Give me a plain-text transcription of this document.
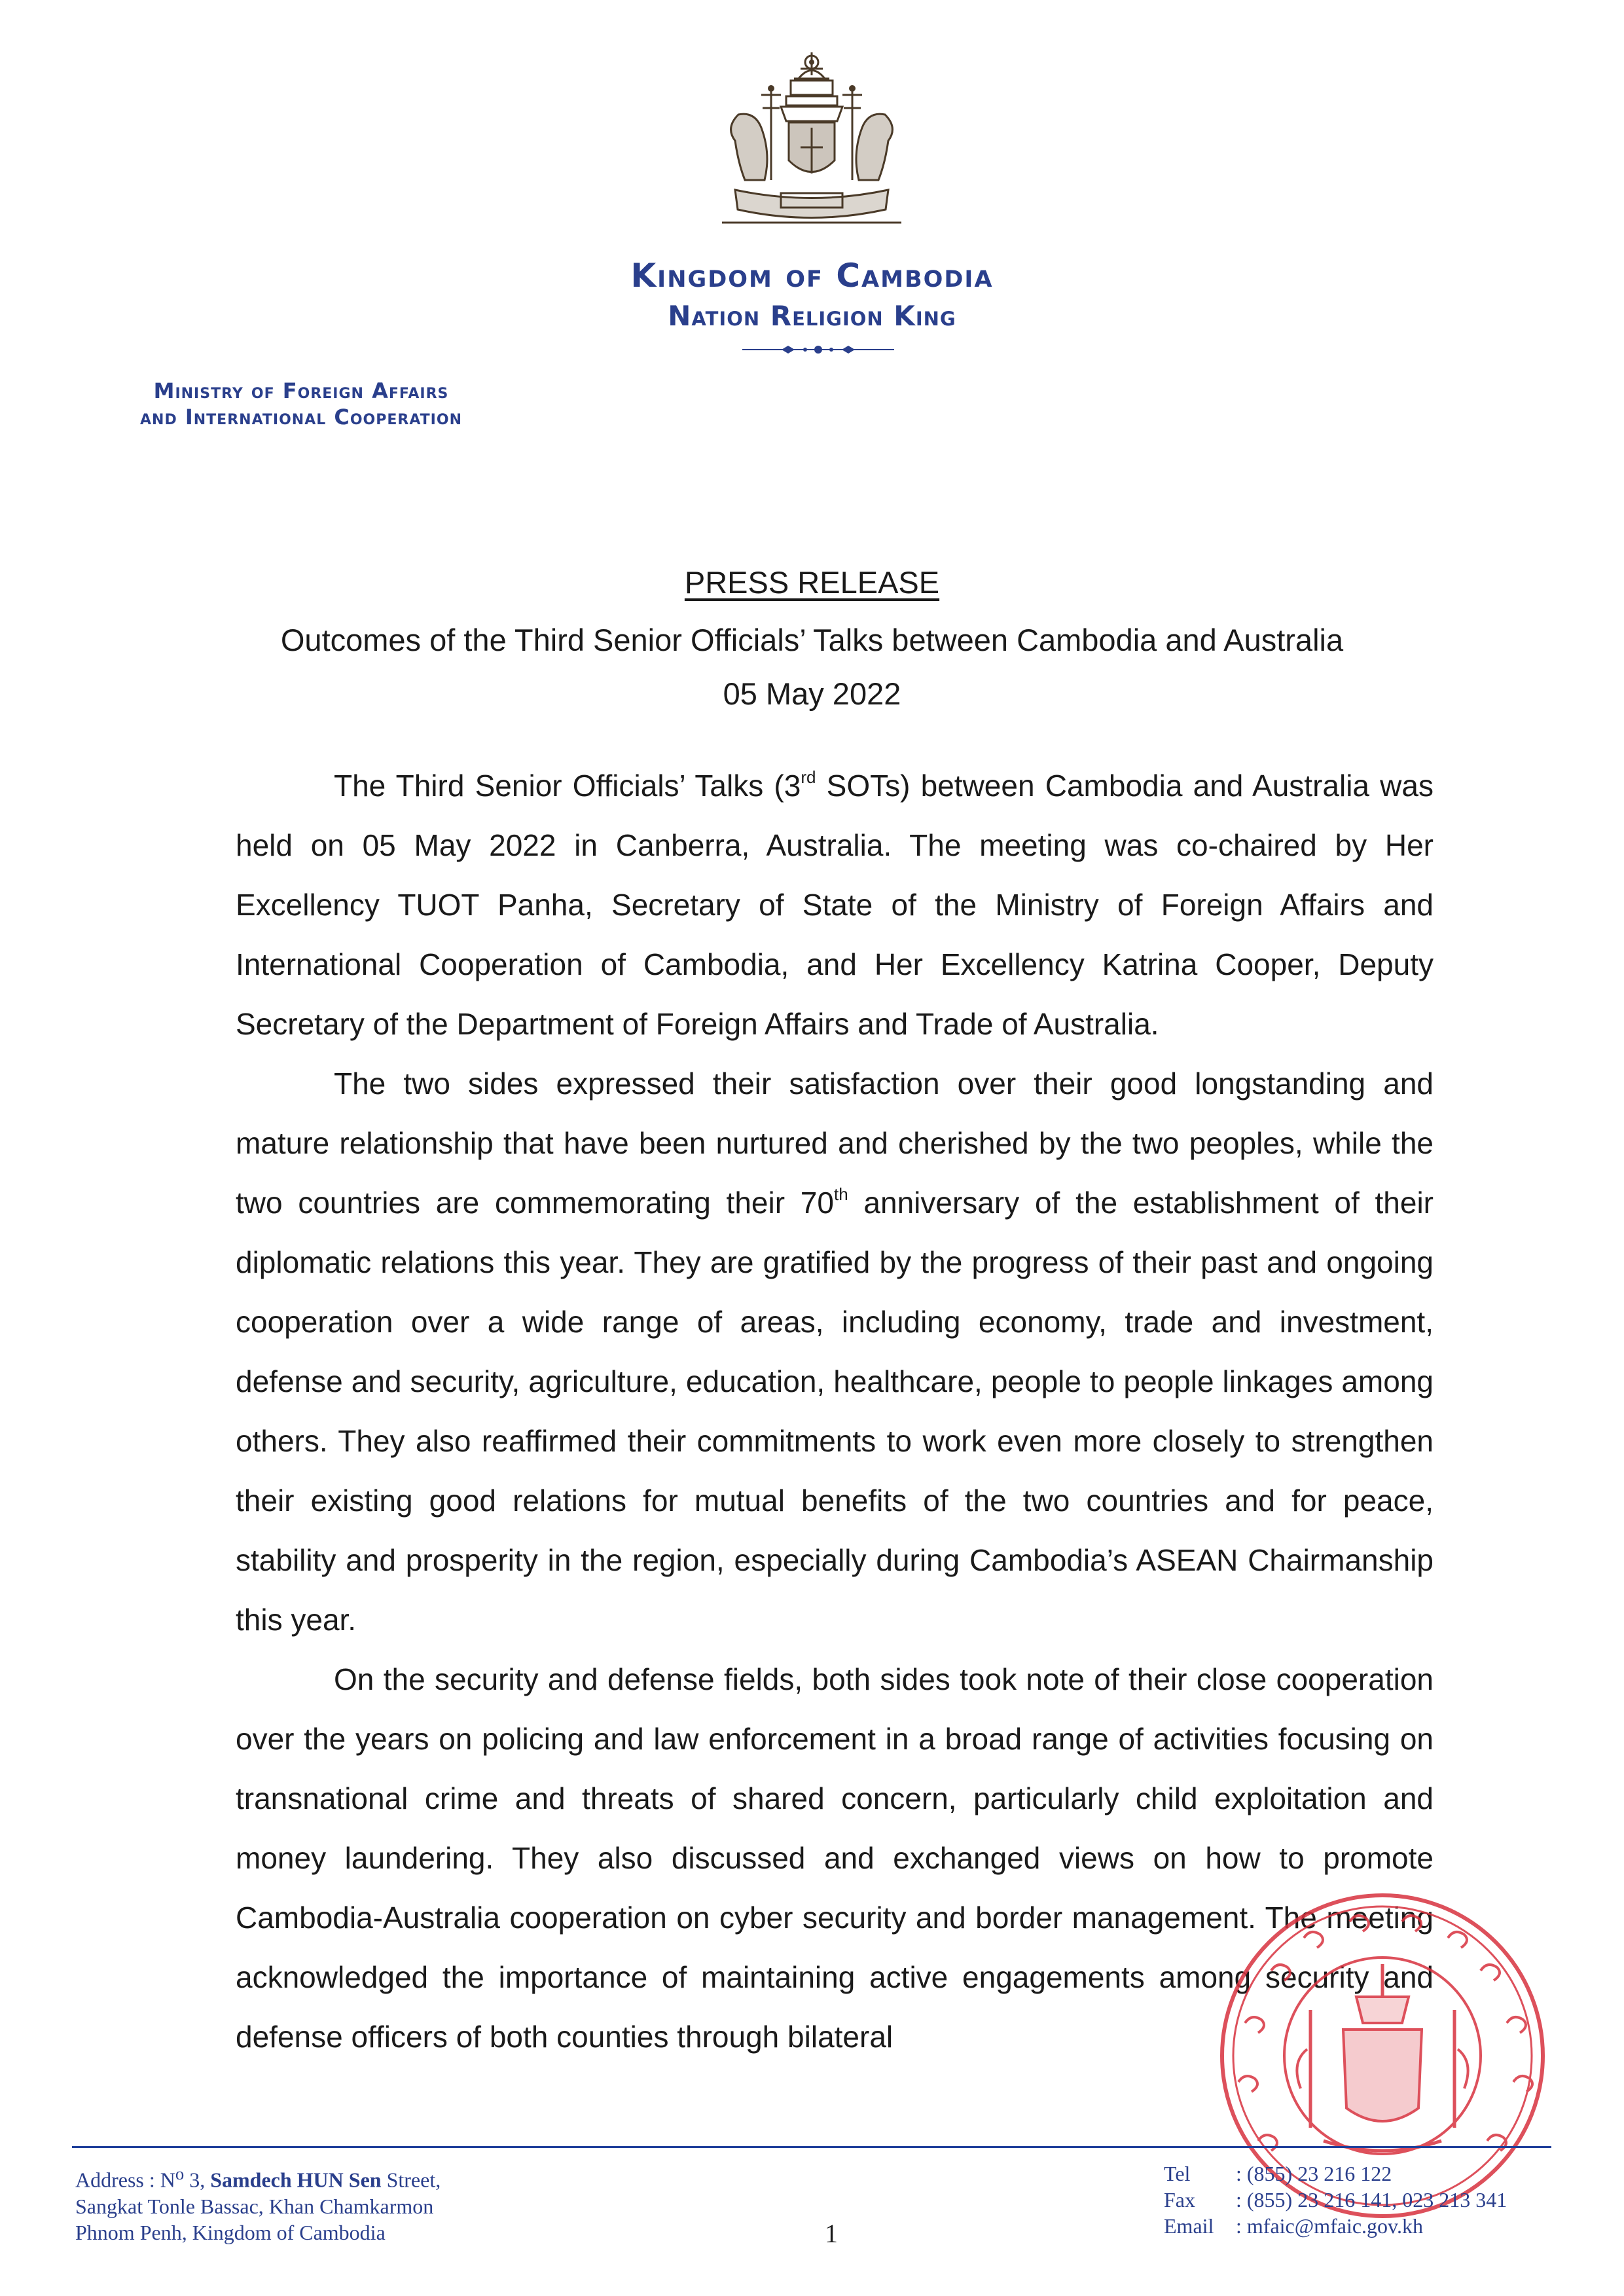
Kingdom of Cambodia
Nation Religion King
Ministry of Foreign Affairs
and International Cooperation
PRESS RELEASE
Outcomes of the Third Senior Officials’ Talks between Cambodia and Australia
05 May 2022

The Third Senior Officials’ Talks (3rd SOTs) between Cambodia and Australia was held on 05 May 2022 in Canberra, Australia. The meeting was co-chaired by Her Excellency TUOT Panha, Secretary of State of the Ministry of Foreign Affairs and International Cooperation of Cambodia, and Her Excellency Katrina Cooper, Deputy Secretary of the Department of Foreign Affairs and Trade of Australia.

The two sides expressed their satisfaction over their good longstanding and mature relationship that have been nurtured and cherished by the two peoples, while the two countries are commemorating their 70th anniversary of the establishment of their diplomatic relations this year. They are gratified by the progress of their past and ongoing cooperation over a wide range of areas, including economy, trade and investment, defense and security, agriculture, education, healthcare, people to people linkages among others. They also reaffirmed their commitments to work even more closely to strengthen their existing good relations for mutual benefits of the two countries and for peace, stability and prosperity in the region, especially during Cambodia’s ASEAN Chairmanship this year.

On the security and defense fields, both sides took note of their close cooperation over the years on policing and law enforcement in a broad range of activities focusing on transnational crime and threats of shared concern, particularly child exploitation and money laundering. They also discussed and exchanged views on how to promote Cambodia-Australia cooperation on cyber security and border management. The meeting acknowledged the importance of maintaining active engagements among security and defense officers of both counties through bilateral

Address : $N^o$ 3, Samdech HUN Sen Street,
Sangkat Tonle Bassac, Khan Chamkarmon
Phnom Penh, Kingdom of Cambodia
Tel : (855) 23 216 122
Fax : (855) 23 216 141, 023 213 341
Email : mfaic@mfaic.gov.kh
1
